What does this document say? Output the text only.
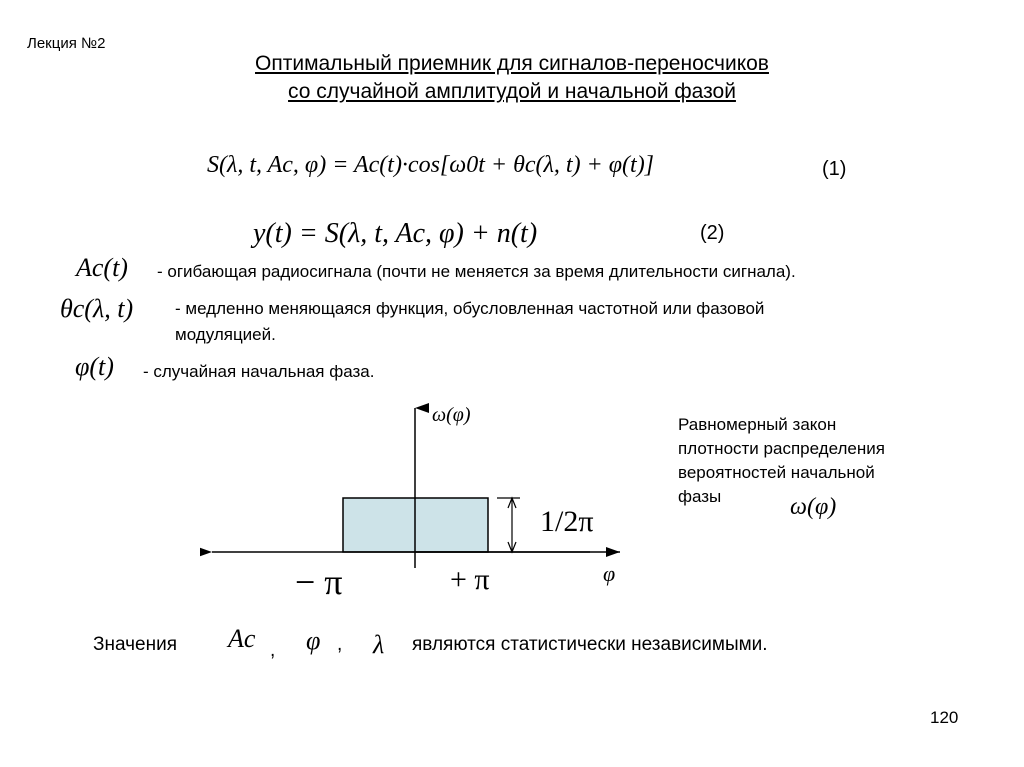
Лекция №2
Оптимальный приемник для сигналов-переносчиков
со случайной амплитудой и начальной фазой
S(λ, t, Ac, φ) = Ac(t)·cos[ω0t + θc(λ, t) + φ(t)]	(1)
y(t) = S(λ, t, Ac, φ) + n(t)	(2)
Ac(t) - огибающая радиосигнала (почти не меняется за время длительности сигнала).
θc(λ, t) - медленно меняющаяся функция, обусловленная частотной или фазовой
модуляцией.
φ(t) - случайная начальная фаза.
ω(φ)
1/2π
− π	+ π	φ
Равномерный закон
плотности распределения
вероятностей начальной
фазы	ω(φ)
Значения Ac , φ , λ являются статистически независимыми.
120
